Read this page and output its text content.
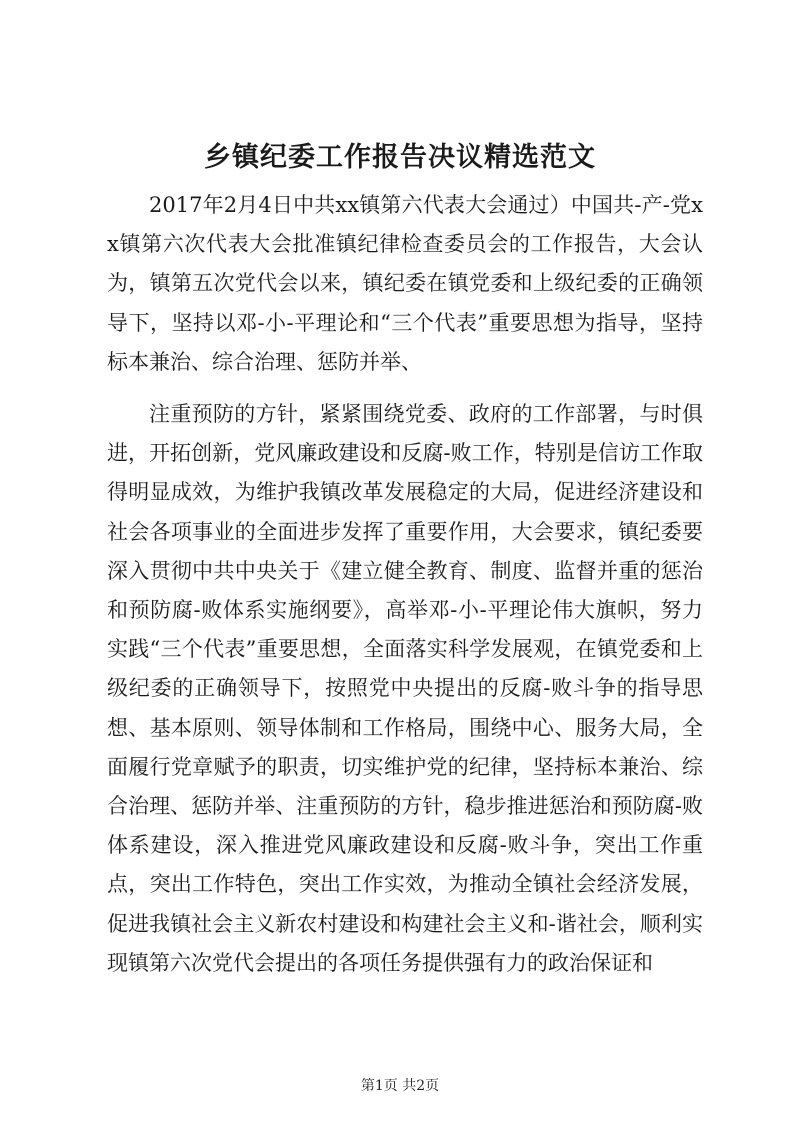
乡镇纪委工作报告决议精选范文

2017年2月4日中共xx镇第六代表大会通过）中国共-产-党xx镇第六次代表大会批准镇纪律检查委员会的工作报告，大会认为，镇第五次党代会以来，镇纪委在镇党委和上级纪委的正确领导下，坚持以邓-小-平理论和“三个代表”重要思想为指导，坚持标本兼治、综合治理、惩防并举、

注重预防的方针，紧紧围绕党委、政府的工作部署，与时俱进，开拓创新，党风廉政建设和反腐-败工作，特别是信访工作取得明显成效，为维护我镇改革发展稳定的大局，促进经济建设和社会各项事业的全面进步发挥了重要作用，大会要求，镇纪委要深入贯彻中共中央关于《建立健全教育、制度、监督并重的惩治和预防腐-败体系实施纲要》，高举邓-小-平理论伟大旗帜，努力实践“三个代表”重要思想，全面落实科学发展观，在镇党委和上级纪委的正确领导下，按照党中央提出的反腐-败斗争的指导思想、基本原则、领导体制和工作格局，围绕中心、服务大局，全面履行党章赋予的职责，切实维护党的纪律，坚持标本兼治、综合治理、惩防并举、注重预防的方针，稳步推进惩治和预防腐-败体系建设，深入推进党风廉政建设和反腐-败斗争，突出工作重点，突出工作特色，突出工作实效，为推动全镇社会经济发展，促进我镇社会主义新农村建设和构建社会主义和-谐社会，顺利实现镇第六次党代会提出的各项任务提供强有力的政治保证和

第1页 共2页
